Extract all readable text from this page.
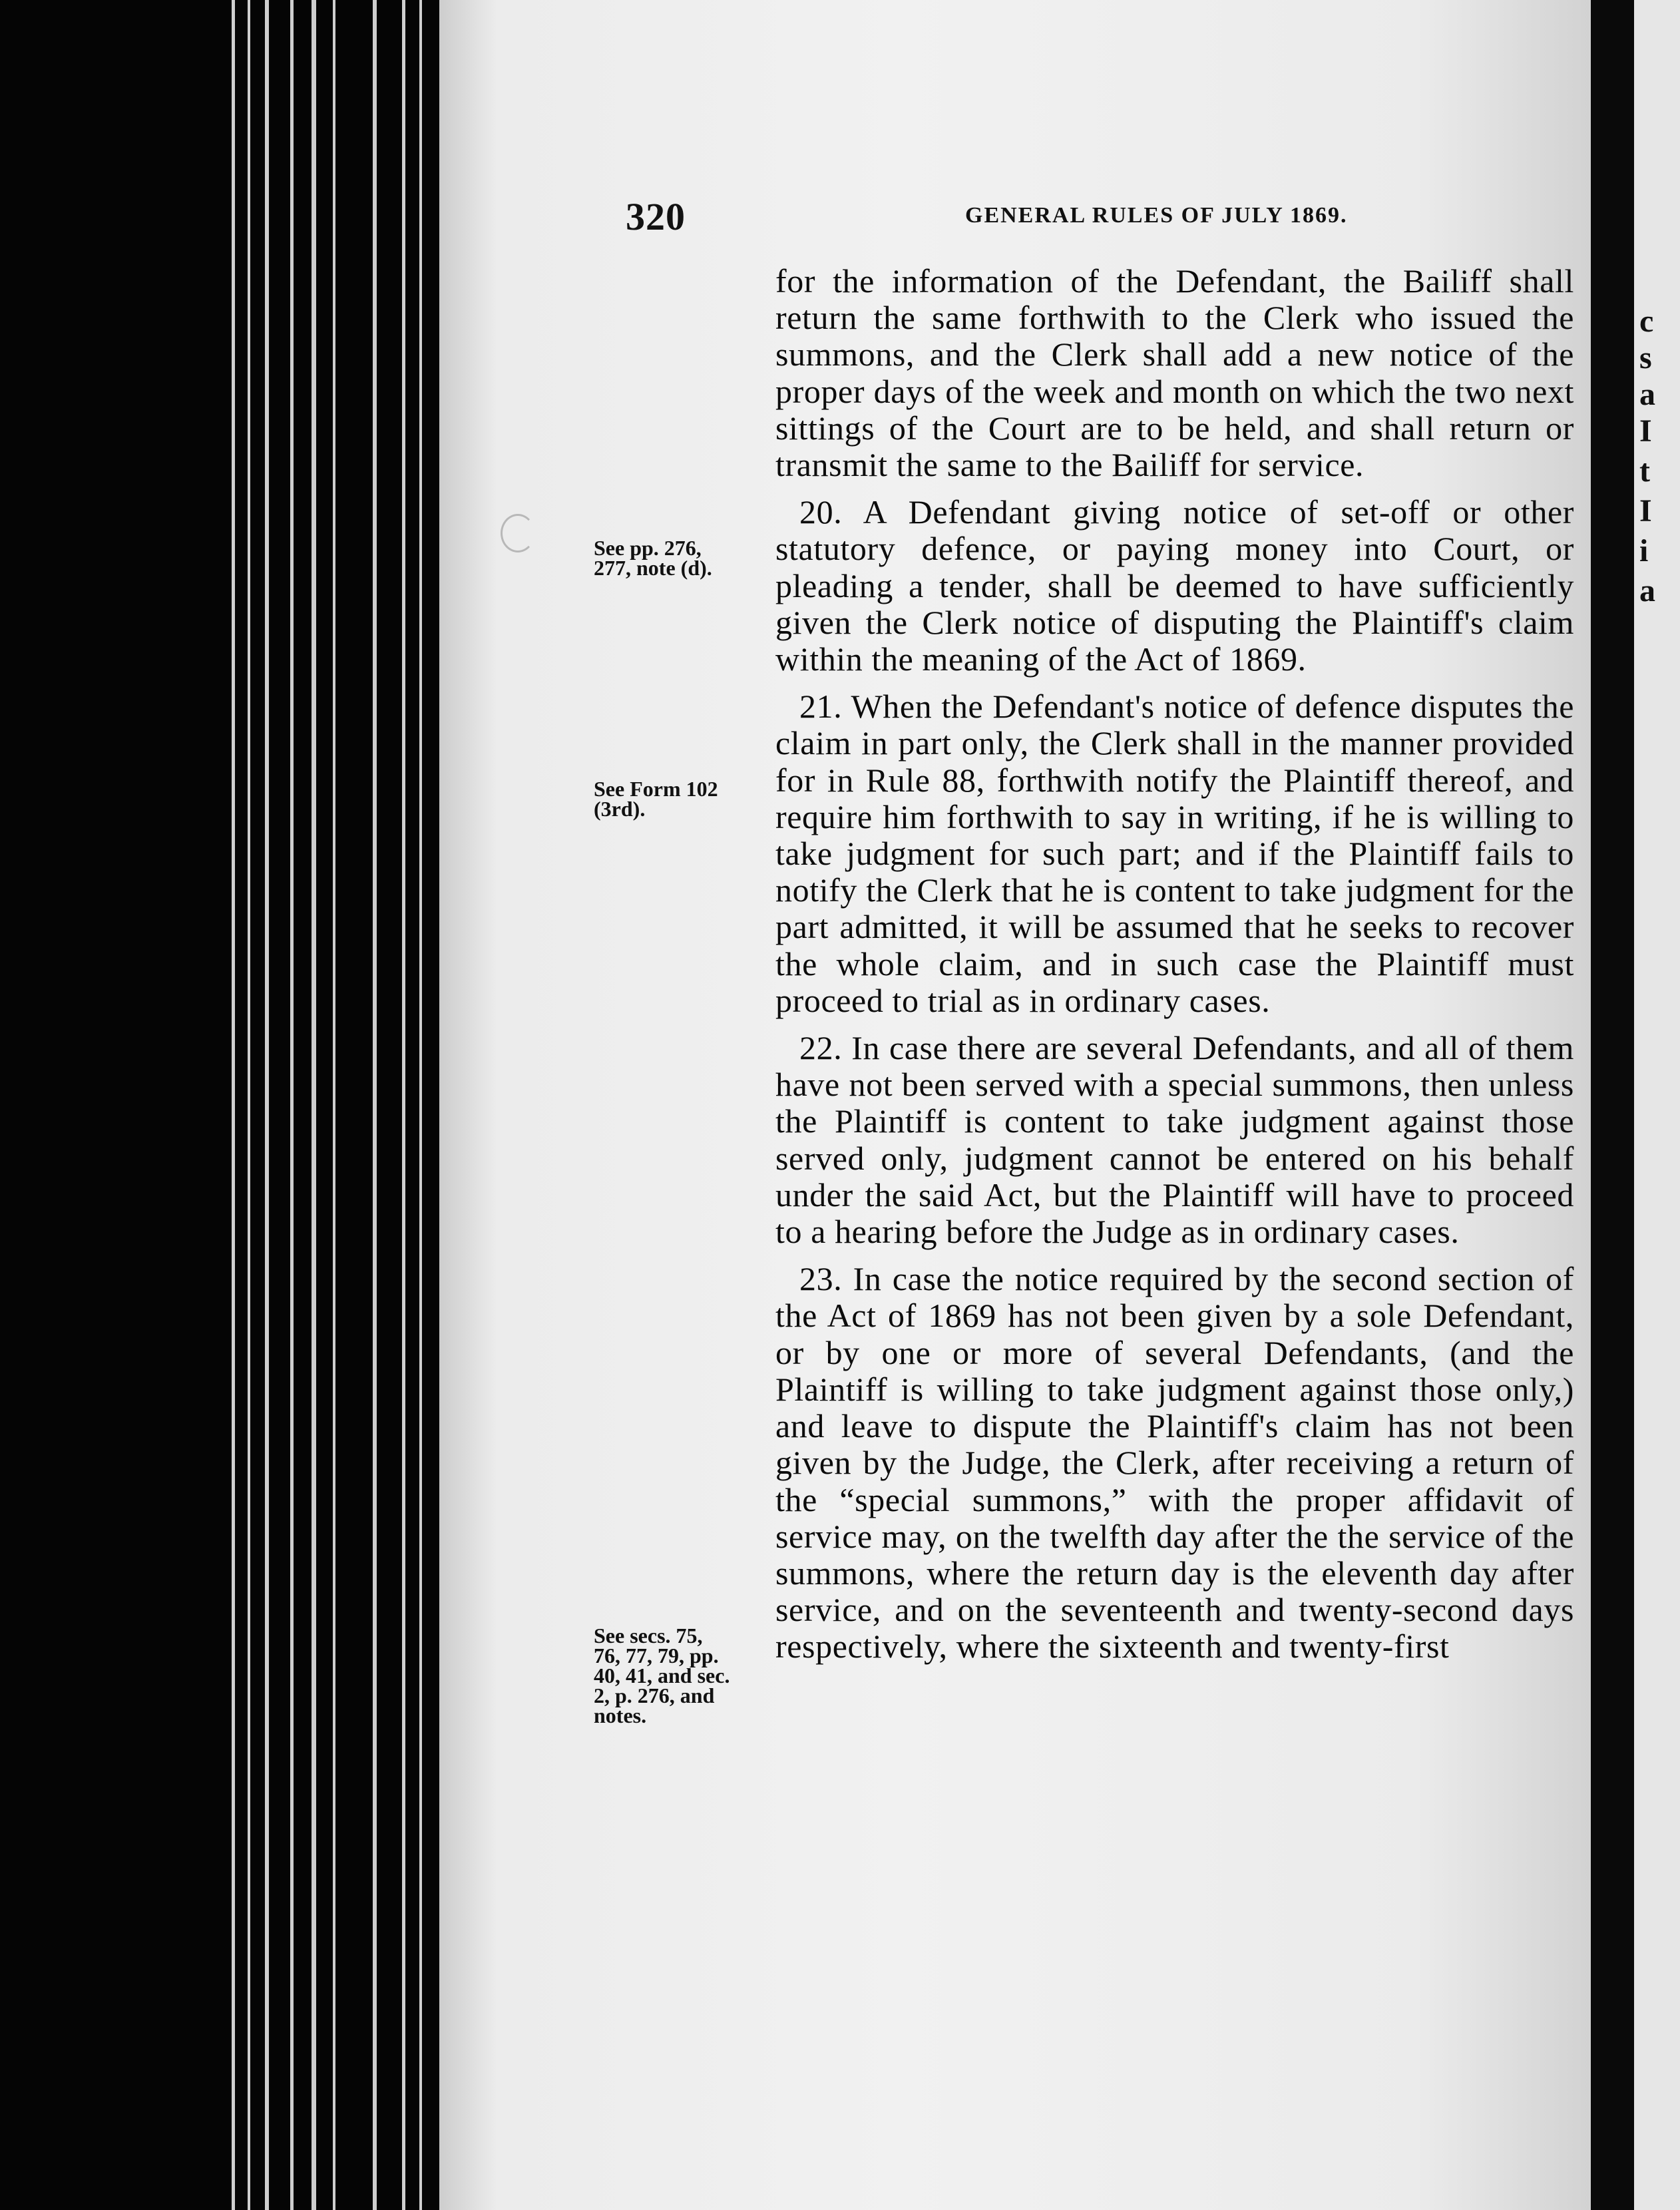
c
s
a
I
t
I
i
a
320	GENERAL RULES OF JULY 1869.
See pp. 276, 277, note (d).
See Form 102 (3rd).
See secs. 75, 76, 77, 79, pp. 40, 41, and sec. 2, p. 276, and notes.

for the information of the Defendant, the Bailiff shall return the same forthwith to the Clerk who issued the summons, and the Clerk shall add a new notice of the proper days of the week and month on which the two next sittings of the Court are to be held, and shall return or transmit the same to the Bailiff for service.

20. A Defendant giving notice of set-off or other statutory defence, or paying money into Court, or pleading a tender, shall be deemed to have sufficiently given the Clerk notice of disputing the Plaintiff's claim within the meaning of the Act of 1869.

21. When the Defendant's notice of defence disputes the claim in part only, the Clerk shall in the manner provided for in Rule 88, forthwith notify the Plaintiff thereof, and require him forthwith to say in writing, if he is willing to take judgment for such part; and if the Plaintiff fails to notify the Clerk that he is content to take judgment for the part admitted, it will be assumed that he seeks to recover the whole claim, and in such case the Plaintiff must proceed to trial as in ordinary cases.

22. In case there are several Defendants, and all of them have not been served with a special summons, then unless the Plaintiff is content to take judgment against those served only, judgment cannot be entered on his behalf under the said Act, but the Plaintiff will have to proceed to a hearing before the Judge as in ordinary cases.

23. In case the notice required by the second section of the Act of 1869 has not been given by a sole Defendant, or by one or more of several Defendants, (and the Plaintiff is willing to take judgment against those only,) and leave to dispute the Plaintiff's claim has not been given by the Judge, the Clerk, after receiving a return of the “special summons,” with the proper affidavit of service may, on the twelfth day after the the service of the summons, where the return day is the eleventh day after service, and on the seventeenth and twenty-second days respectively, where the sixteenth and twenty-first
